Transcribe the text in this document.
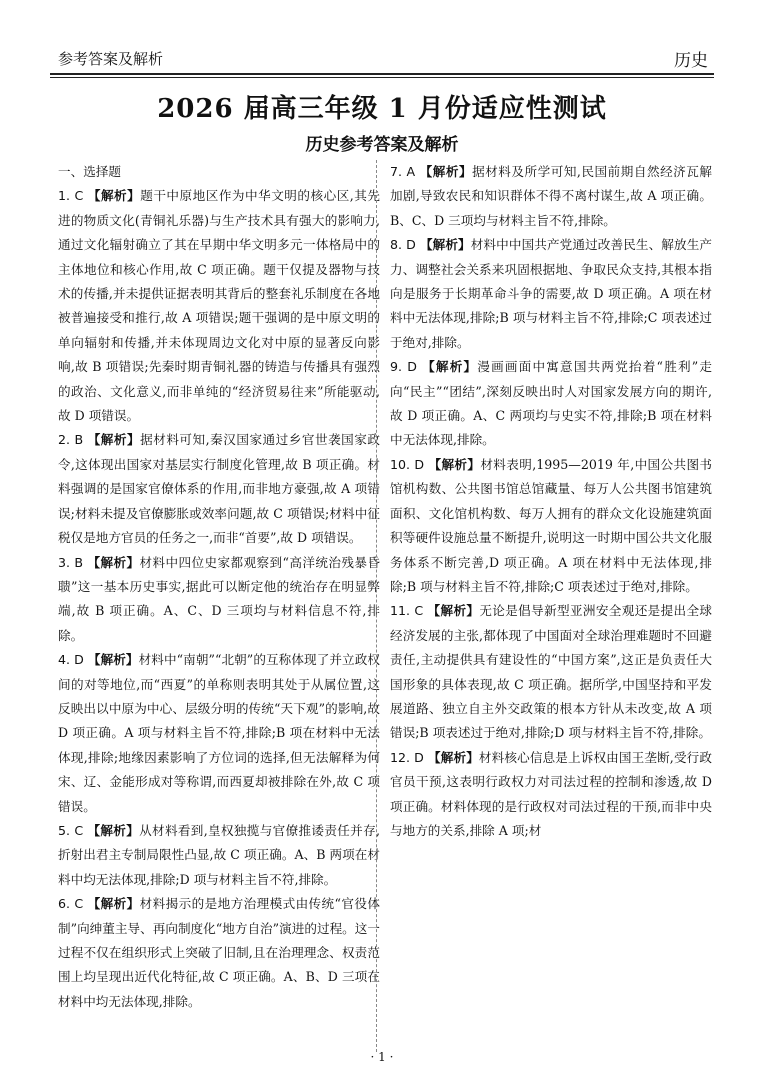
参考答案及解析	历史
2026 届高三年级 1 月份适应性测试
历史参考答案及解析
一、选择题

1. C 【解析】题干中原地区作为中华文明的核心区,其先进的物质文化(青铜礼乐器)与生产技术具有强大的影响力,通过文化辐射确立了其在早期中华文明多元一体格局中的主体地位和核心作用,故 C 项正确。题干仅提及器物与技术的传播,并未提供证据表明其背后的整套礼乐制度在各地被普遍接受和推行,故 A 项错误;题干强调的是中原文明的单向辐射和传播,并未体现周边文化对中原的显著反向影响,故 B 项错误;先秦时期青铜礼器的铸造与传播具有强烈的政治、文化意义,而非单纯的“经济贸易往来”所能驱动,故 D 项错误。

2. B 【解析】据材料可知,秦汉国家通过乡官世袭国家政令,这体现出国家对基层实行制度化管理,故 B 项正确。材料强调的是国家官僚体系的作用,而非地方豪强,故 A 项错误;材料未提及官僚膨胀或效率问题,故 C 项错误;材料中征税仅是地方官员的任务之一,而非“首要”,故 D 项错误。

3. B 【解析】材料中四位史家都观察到“高洋统治残暴昏聩”这一基本历史事实,据此可以断定他的统治存在明显弊端,故 B 项正确。A、C、D 三项均与材料信息不符,排除。

4. D 【解析】材料中“南朝”“北朝”的互称体现了并立政权间的对等地位,而“西夏”的单称则表明其处于从属位置,这反映出以中原为中心、层级分明的传统“天下观”的影响,故 D 项正确。A 项与材料主旨不符,排除;B 项在材料中无法体现,排除;地缘因素影响了方位词的选择,但无法解释为何宋、辽、金能形成对等称谓,而西夏却被排除在外,故 C 项错误。

5. C 【解析】从材料看到,皇权独揽与官僚推诿责任并存,折射出君主专制局限性凸显,故 C 项正确。A、B 两项在材料中均无法体现,排除;D 项与材料主旨不符,排除。

6. C 【解析】材料揭示的是地方治理模式由传统“官役体制”向绅董主导、再向制度化“地方自治”演进的过程。这一过程不仅在组织形式上突破了旧制,且在治理理念、权责范围上均呈现出近代化特征,故 C 项正确。A、B、D 三项在材料中均无法体现,排除。

7. A 【解析】据材料及所学可知,民国前期自然经济瓦解加剧,导致农民和知识群体不得不离村谋生,故 A 项正确。B、C、D 三项均与材料主旨不符,排除。

8. D 【解析】材料中中国共产党通过改善民生、解放生产力、调整社会关系来巩固根据地、争取民众支持,其根本指向是服务于长期革命斗争的需要,故 D 项正确。A 项在材料中无法体现,排除;B 项与材料主旨不符,排除;C 项表述过于绝对,排除。

9. D 【解析】漫画画面中寓意国共两党抬着“胜利”走向“民主”“团结”,深刻反映出时人对国家发展方向的期许,故 D 项正确。A、C 两项均与史实不符,排除;B 项在材料中无法体现,排除。

10. D 【解析】材料表明,1995—2019 年,中国公共图书馆机构数、公共图书馆总馆藏量、每万人公共图书馆建筑面积、文化馆机构数、每万人拥有的群众文化设施建筑面积等硬件设施总量不断提升,说明这一时期中国公共文化服务体系不断完善,D 项正确。A 项在材料中无法体现,排除;B 项与材料主旨不符,排除;C 项表述过于绝对,排除。

11. C 【解析】无论是倡导新型亚洲安全观还是提出全球经济发展的主张,都体现了中国面对全球治理难题时不回避责任,主动提供具有建设性的“中国方案”,这正是负责任大国形象的具体表现,故 C 项正确。据所学,中国坚持和平发展道路、独立自主外交政策的根本方针从未改变,故 A 项错误;B 项表述过于绝对,排除;D 项与材料主旨不符,排除。

12. D 【解析】材料核心信息是上诉权由国王垄断,受行政官员干预,这表明行政权力对司法过程的控制和渗透,故 D 项正确。材料体现的是行政权对司法过程的干预,而非中央与地方的关系,排除 A 项;材

· 1 ·
